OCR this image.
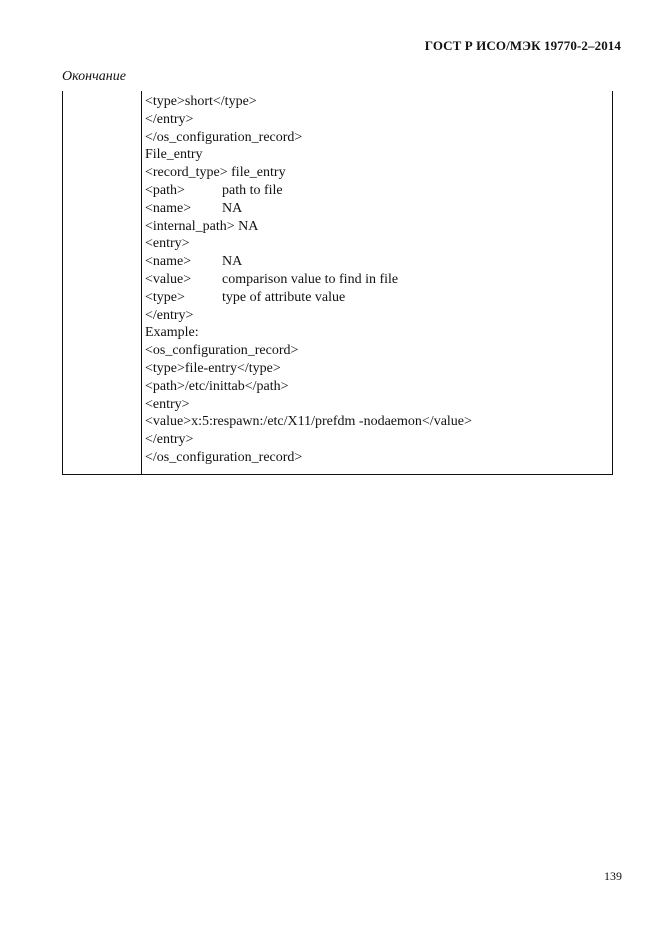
ГОСТ Р ИСО/МЭК 19770-2–2014
Окончание
<type>short</type>
</entry>
</os_configuration_record>
File_entry
<record_type> file_entry
<path>	path to file
<name> NA
<internal_path> NA
<entry>
<name> NA
<value> comparison value to find in file
<type>	type of attribute value
</entry>
Example:
<os_configuration_record>
<type>file-entry</type>
<path>/etc/inittab</path>
<entry>
<value>x:5:respawn:/etc/X11/prefdm -nodaemon</value>
</entry>
</os_configuration_record>
139
